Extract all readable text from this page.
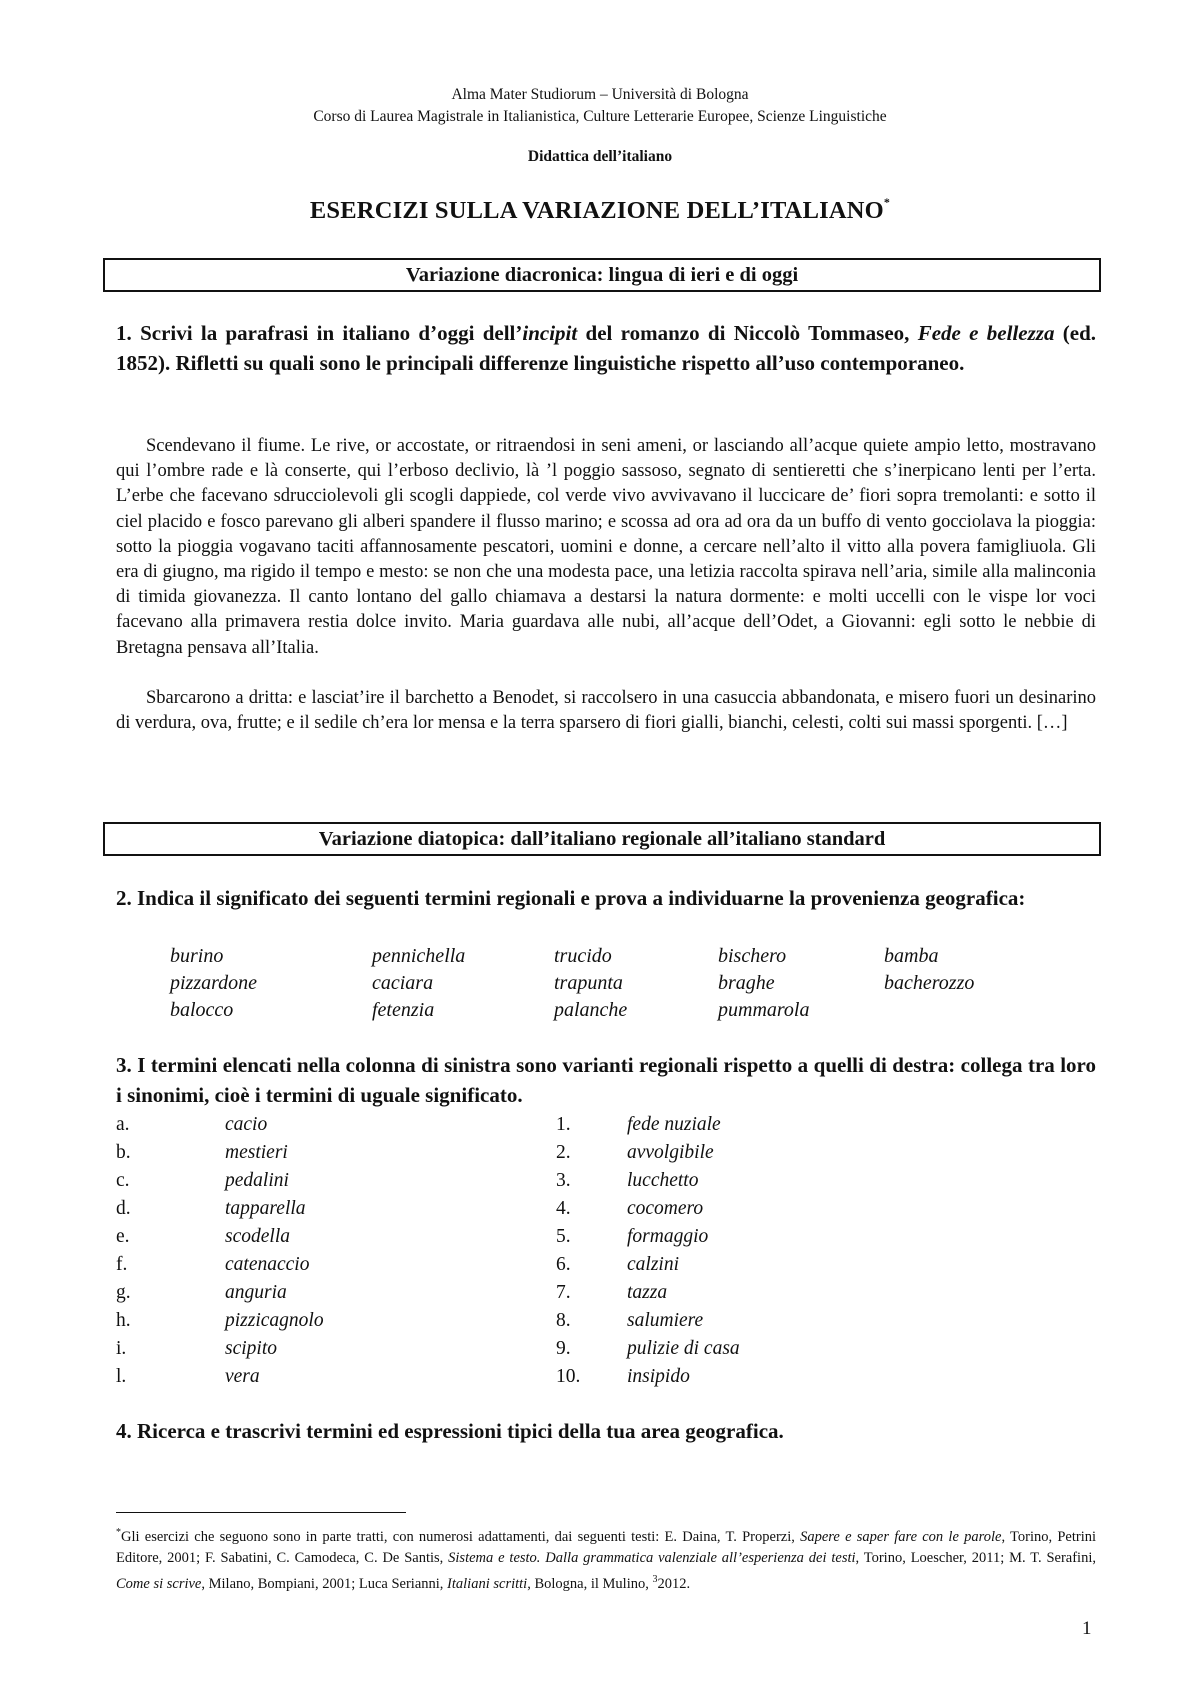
Alma Mater Studiorum – Università di Bologna
Corso di Laurea Magistrale in Italianistica, Culture Letterarie Europee, Scienze Linguistiche
Didattica dell’italiano
ESERCIZI SULLA VARIAZIONE DELL’ITALIANO*
Variazione diacronica: lingua di ieri e di oggi
1. Scrivi la parafrasi in italiano d’oggi dell’incipit del romanzo di Niccolò Tommaseo, Fede e bellezza (ed. 1852). Rifletti su quali sono le principali differenze linguistiche rispetto all’uso contemporaneo.

Scendevano il fiume. Le rive, or accostate, or ritraendosi in seni ameni, or lasciando all’acque quiete ampio letto, mostravano qui l’ombre rade e là conserte, qui l’erboso declivio, là ’l poggio sassoso, segnato di sentieretti che s’inerpicano lenti per l’erta. L’erbe che facevano sdrucciolevoli gli scogli dappiede, col verde vivo avvivavano il luccicare de’ fiori sopra tremolanti: e sotto il ciel placido e fosco parevano gli alberi spandere il flusso marino; e scossa ad ora ad ora da un buffo di vento gocciolava la pioggia: sotto la pioggia vogavano taciti affannosamente pescatori, uomini e donne, a cercare nell’alto il vitto alla povera famigliuola. Gli era di giugno, ma rigido il tempo e mesto: se non che una modesta pace, una letizia raccolta spirava nell’aria, simile alla malinconia di timida giovanezza. Il canto lontano del gallo chiamava a destarsi la natura dormente: e molti uccelli con le vispe lor voci facevano alla primavera restia dolce invito. Maria guardava alle nubi, all’acque dell’Odet, a Giovanni: egli sotto le nebbie di Bretagna pensava all’Italia.

Sbarcarono a dritta: e lasciat’ire il barchetto a Benodet, si raccolsero in una casuccia abbandonata, e misero fuori un desinarino di verdura, ova, frutte; e il sedile ch’era lor mensa e la terra sparsero di fiori gialli, bianchi, celesti, colti sui massi sporgenti. […]

Variazione diatopica: dall’italiano regionale all’italiano standard
2. Indica il significato dei seguenti termini regionali e prova a individuarne la provenienza geografica:
burino	pennichella	trucido	bischero	bamba
pizzardone	caciara	trapunta	braghe	bacherozzo
balocco	fetenzia	palanche	pummarola
3. I termini elencati nella colonna di sinistra sono varianti regionali rispetto a quelli di destra: collega tra loro i sinonimi, cioè i termini di uguale significato.
a.	cacio	1.	fede nuziale
b.	mestieri	2.	avvolgibile
c.	pedalini	3.	lucchetto
d.	tapparella	4.	cocomero
e.	scodella	5.	formaggio
f.	catenaccio	6.	calzini
g.	anguria	7.	tazza
h.	pizzicagnolo	8.	salumiere
i.	scipito	9.	pulizie di casa
l.	vera	10. insipido
4. Ricerca e trascrivi termini ed espressioni tipici della tua area geografica.
*Gli esercizi che seguono sono in parte tratti, con numerosi adattamenti, dai seguenti testi: E. Daina, T. Properzi, Sapere e saper fare con le parole, Torino, Petrini Editore, 2001; F. Sabatini, C. Camodeca, C. De Santis, Sistema e testo. Dalla grammatica valenziale all’esperienza dei testi, Torino, Loescher, 2011; M. T. Serafini, Come si scrive, Milano, Bompiani, 2001; Luca Serianni, Italiani scritti, Bologna, il Mulino, $^3$2012.
1
